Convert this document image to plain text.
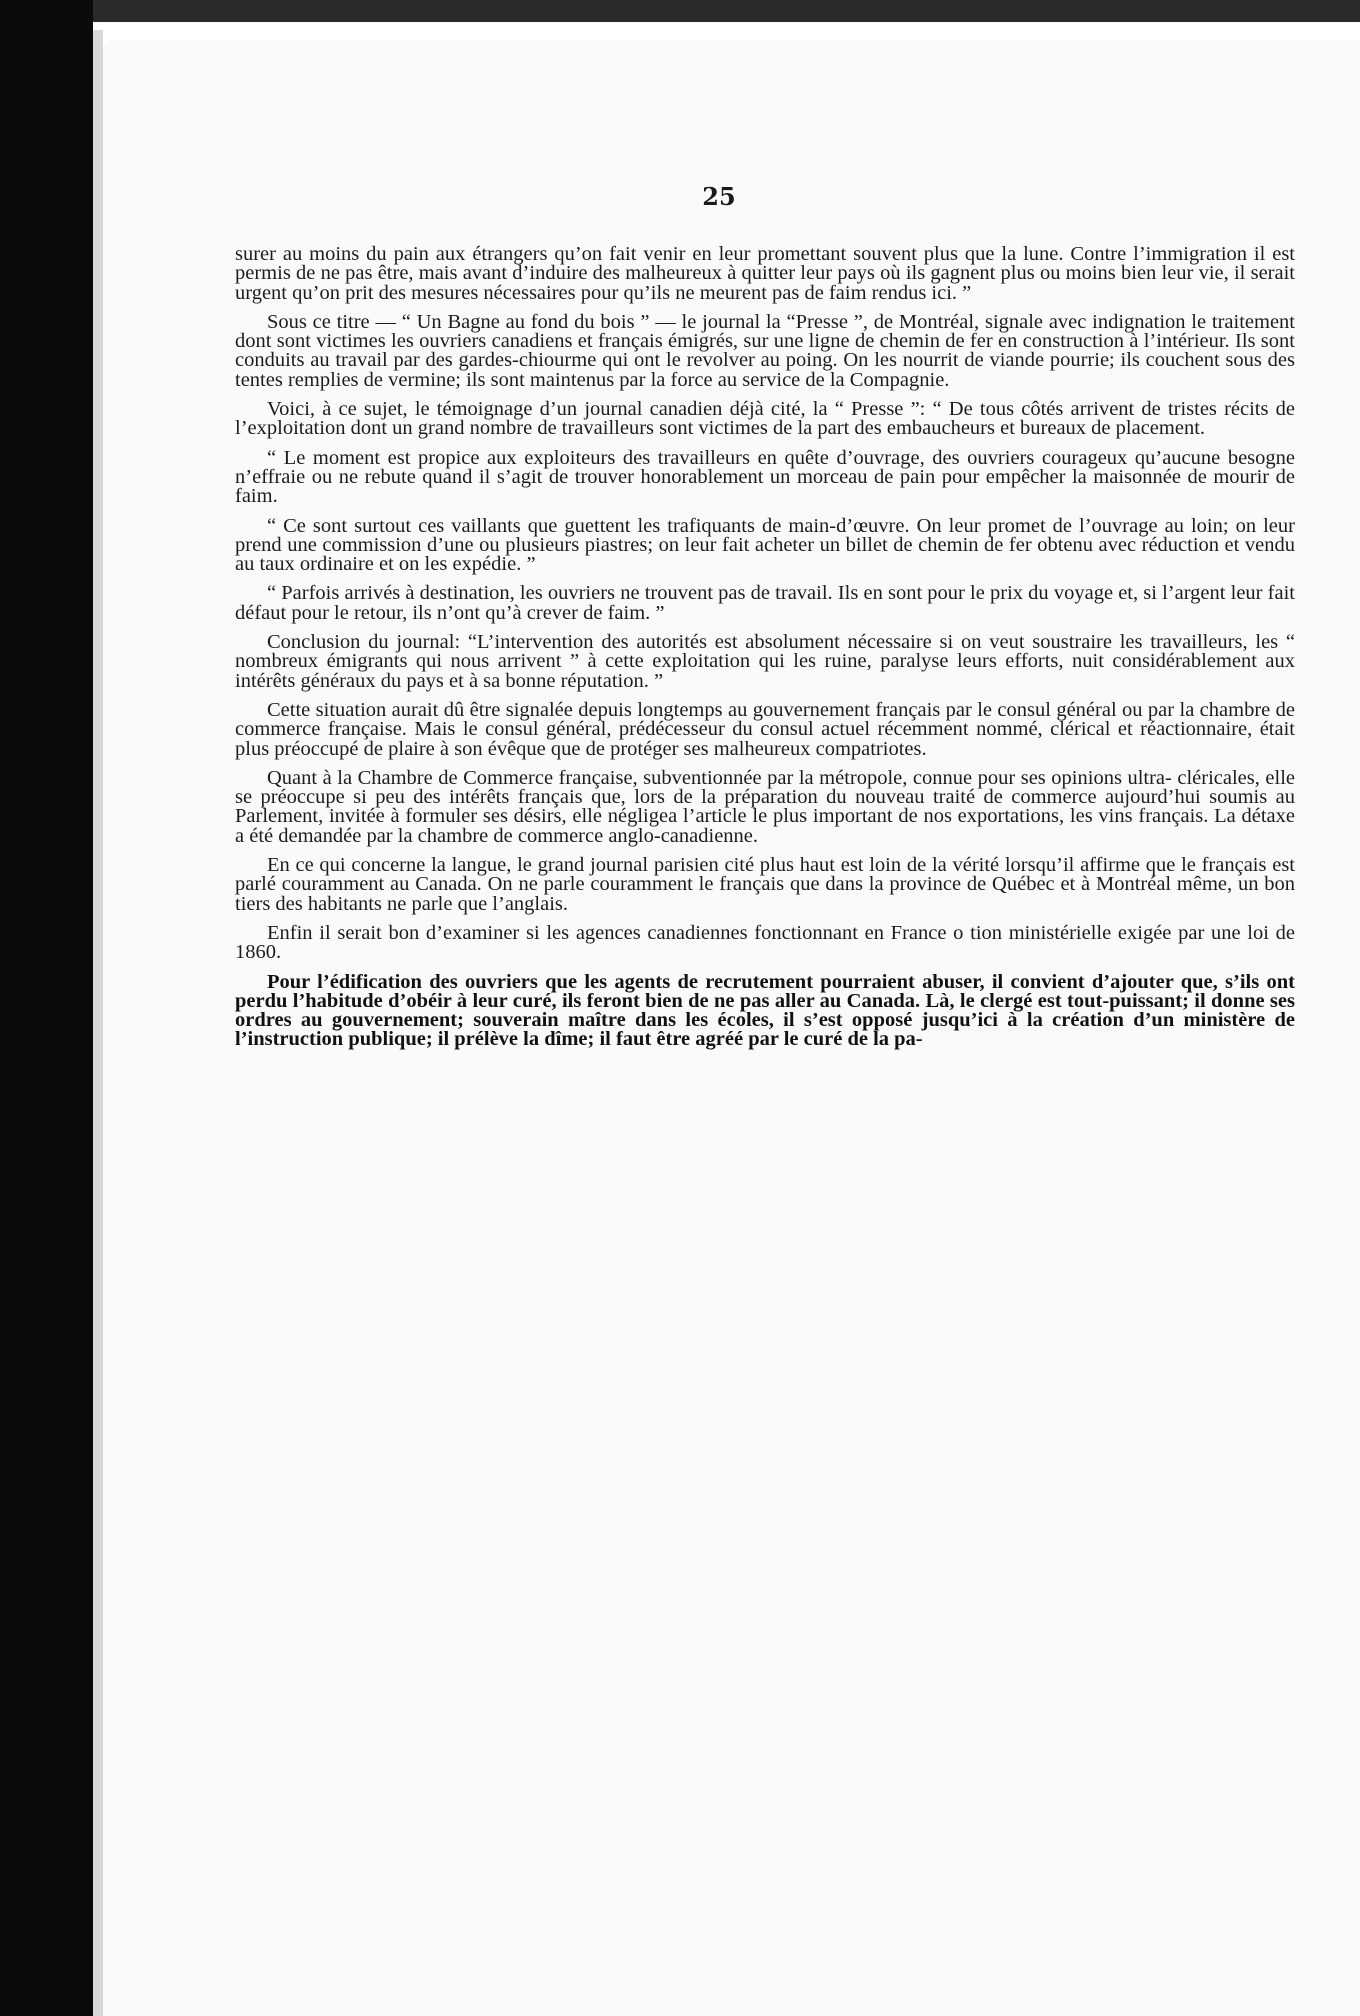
25

surer au moins du pain aux étrangers qu’on fait venir en leur promettant souvent plus que la lune. Contre l’immigration il est permis de ne pas être, mais avant d’induire des malheureux à quitter leur pays où ils gagnent plus ou moins bien leur vie, il serait urgent qu’on prit des mesures nécessaires pour qu’ils ne meurent pas de faim rendus ici. ”

Sous ce titre — “ Un Bagne au fond du bois ” — le journal la “Presse ”, de Montréal, signale avec indignation le traitement dont sont victimes les ouvriers canadiens et français émigrés, sur une ligne de chemin de fer en construction à l’intérieur. Ils sont conduits au travail par des gardes-chiourme qui ont le revolver au poing. On les nourrit de viande pourrie; ils couchent sous des tentes remplies de vermine; ils sont maintenus par la force au service de la Compagnie.

Voici, à ce sujet, le témoignage d’un journal canadien déjà cité, la “ Presse ”: “ De tous côtés arrivent de tristes récits de l’exploitation dont un grand nombre de travailleurs sont victimes de la part des embaucheurs et bureaux de placement.

“ Le moment est propice aux exploiteurs des travailleurs en quête d’ouvrage, des ouvriers courageux qu’aucune besogne n’effraie ou ne rebute quand il s’agit de trouver honorablement un morceau de pain pour empêcher la maisonnée de mourir de faim.

“ Ce sont surtout ces vaillants que guettent les trafiquants de main-d’œuvre. On leur promet de l’ouvrage au loin; on leur prend une commission d’une ou plusieurs piastres; on leur fait acheter un billet de chemin de fer obtenu avec réduction et vendu au taux ordinaire et on les expédie. ”

“ Parfois arrivés à destination, les ouvriers ne trouvent pas de travail. Ils en sont pour le prix du voyage et, si l’argent leur fait défaut pour le retour, ils n’ont qu’à crever de faim. ”

Conclusion du journal: “L’intervention des autorités est absolument nécessaire si on veut soustraire les travailleurs, les “ nombreux émigrants qui nous arrivent ” à cette exploitation qui les ruine, paralyse leurs efforts, nuit considérablement aux intérêts généraux du pays et à sa bonne réputation. ”

Cette situation aurait dû être signalée depuis longtemps au gouvernement français par le consul général ou par la chambre de commerce française. Mais le consul général, prédécesseur du consul actuel récemment nommé, clérical et réactionnaire, était plus préoccupé de plaire à son évêque que de protéger ses malheureux compatriotes.

Quant à la Chambre de Commerce française, subventionnée par la métropole, connue pour ses opinions ultra- cléricales, elle se préoccupe si peu des intérêts français que, lors de la préparation du nouveau traité de commerce aujourd’hui soumis au Parlement, invitée à formuler ses désirs, elle négligea l’article le plus important de nos exportations, les vins français. La détaxe a été demandée par la chambre de commerce anglo-canadienne.

En ce qui concerne la langue, le grand journal parisien cité plus haut est loin de la vérité lorsqu’il affirme que le français est parlé couramment au Canada. On ne parle couramment le français que dans la province de Québec et à Montréal même, un bon tiers des habitants ne parle que l’anglais.

Enfin il serait bon d’examiner si les agences canadiennes fonctionnant en France o tion ministérielle exigée par une loi de 1860.

Pour l’édification des ouvriers que les agents de recrutement pourraient abuser, il convient d’ajouter que, s’ils ont perdu l’habitude d’obéir à leur curé, ils feront bien de ne pas aller au Canada. Là, le clergé est tout-puissant; il donne ses ordres au gouvernement; souverain maître dans les écoles, il s’est opposé jusqu’ici à la création d’un ministère de l’instruction publique; il prélève la dîme; il faut être agréé par le curé de la pa-
